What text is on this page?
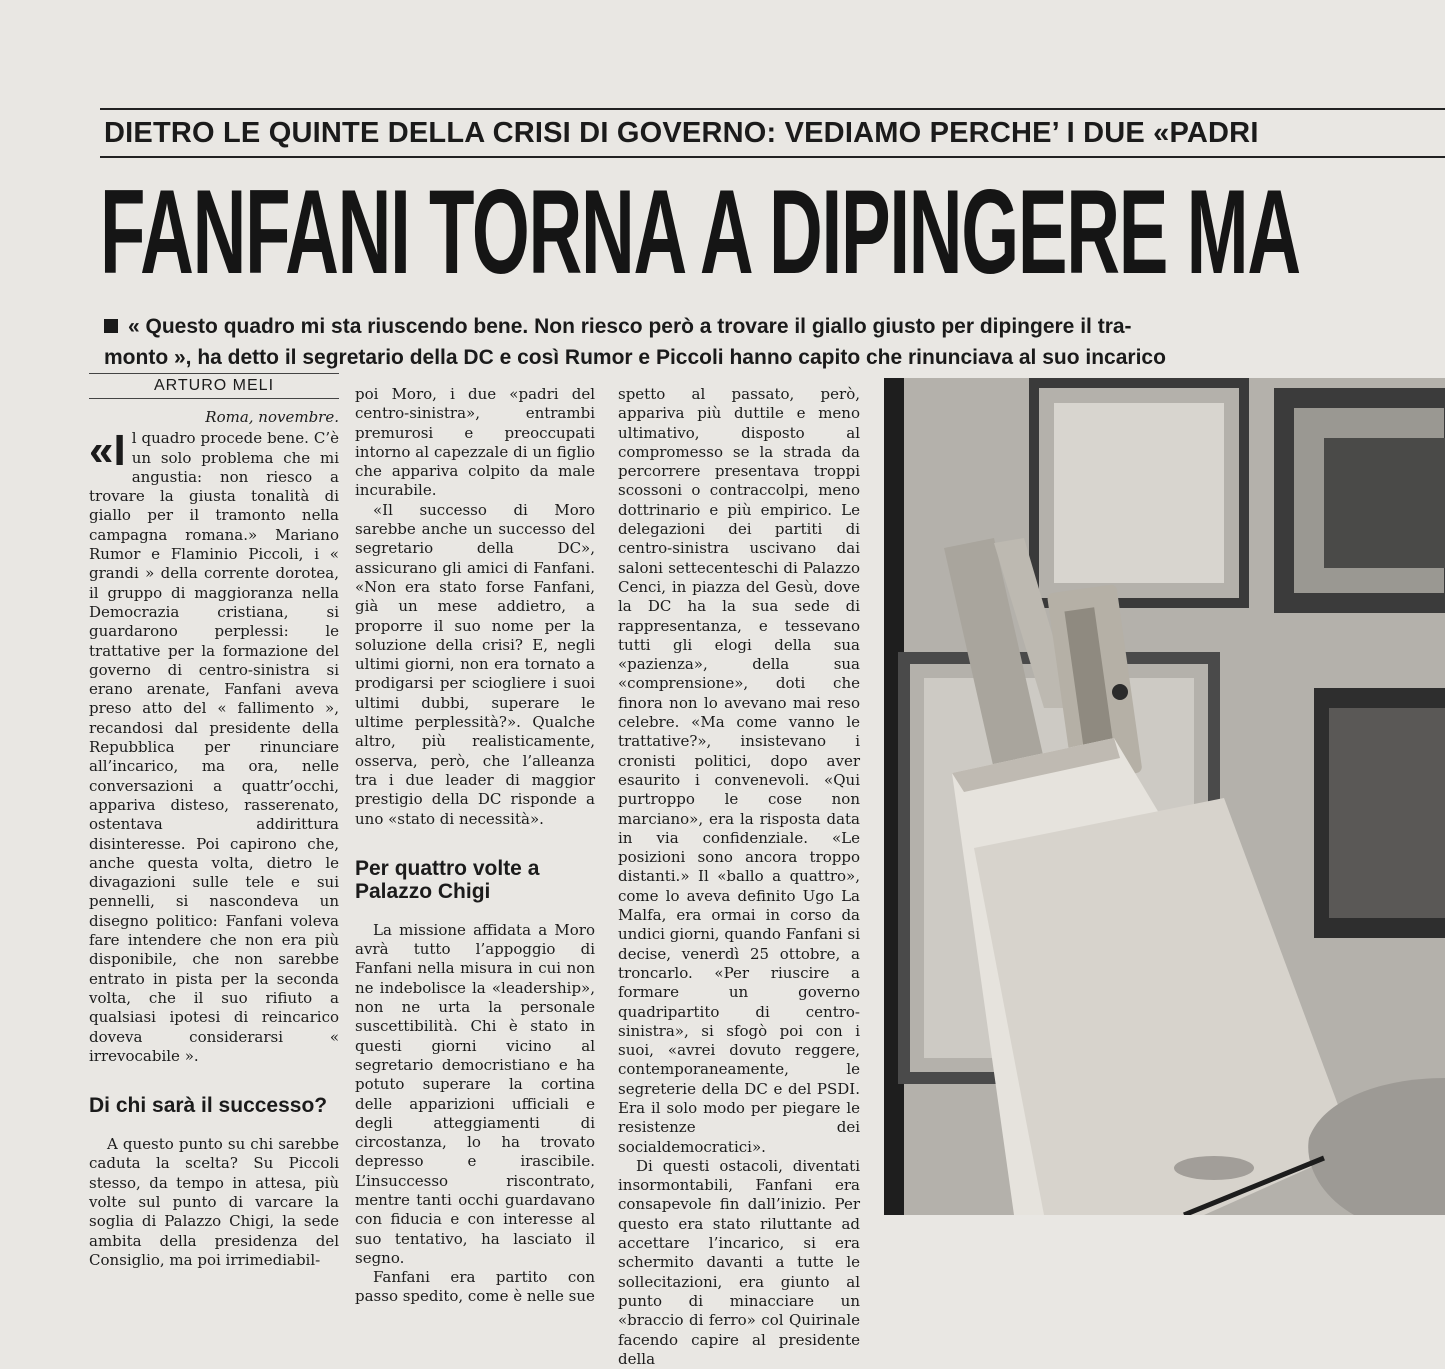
DIETRO LE QUINTE DELLA CRISI DI GOVERNO: VEDIAMO PERCHE’ I DUE «PADRI
FANFANI TORNA A DIPINGERE MA
« Questo quadro mi sta riuscendo bene. Non riesco però a trovare il giallo giusto per dipingere il tra-
monto », ha detto il segretario della DC e così Rumor e Piccoli hanno capito che rinunciava al suo incarico
ARTURO MELI
Roma, novembre.

«Il quadro procede bene. C’è un solo problema che mi angustia: non riesco a trovare la giusta tonalità di giallo per il tramonto nella campagna romana.» Mariano Rumor e Flaminio Piccoli, i « grandi » della corrente dorotea, il gruppo di maggioranza nella Democrazia cristiana, si guardarono perplessi: le trattative per la formazione del governo di centro-sinistra si erano arenate, Fanfani aveva preso atto del « fallimento », recandosi dal presidente della Repubblica per rinunciare all’incarico, ma ora, nelle conversazioni a quattr’occhi, appariva disteso, rasserenato, ostentava addirittura disinteresse. Poi capirono che, anche questa volta, dietro le divagazioni sulle tele e sui pennelli, si nascondeva un disegno politico: Fanfani voleva fare intendere che non era più disponibile, che non sarebbe entrato in pista per la seconda volta, che il suo rifiuto a qualsiasi ipotesi di reincarico doveva considerarsi « irrevocabile ».

Di chi sarà il successo?

A questo punto su chi sarebbe caduta la scelta? Su Piccoli stesso, da tempo in attesa, più volte sul punto di varcare la soglia di Palazzo Chigi, la sede ambita della presidenza del Consiglio, ma poi irrimediabil-

poi Moro, i due «padri del centro-sinistra», entrambi premurosi e preoccupati intorno al capezzale di un figlio che appariva colpito da male incurabile.

«Il successo di Moro sarebbe anche un successo del segretario della DC», assicurano gli amici di Fanfani. «Non era stato forse Fanfani, già un mese addietro, a proporre il suo nome per la soluzione della crisi? E, negli ultimi giorni, non era tornato a prodigarsi per sciogliere i suoi ultimi dubbi, superare le ultime perplessità?». Qualche altro, più realisticamente, osserva, però, che l’alleanza tra i due leader di maggior prestigio della DC risponde a uno «stato di necessità».

Per quattro volte a Palazzo Chigi

La missione affidata a Moro avrà tutto l’appoggio di Fanfani nella misura in cui non ne indebolisce la «leadership», non ne urta la personale suscettibilità. Chi è stato in questi giorni vicino al segretario democristiano e ha potuto superare la cortina delle apparizioni ufficiali e degli atteggiamenti di circostanza, lo ha trovato depresso e irascibile. L’insuccesso riscontrato, mentre tanti occhi guardavano con fiducia e con interesse al suo tentativo, ha lasciato il segno.

Fanfani era partito con passo spedito, come è nelle sue

spetto al passato, però, appariva più duttile e meno ultimativo, disposto al compromesso se la strada da percorrere presentava troppi scossoni o contraccolpi, meno dottrinario e più empirico. Le delegazioni dei partiti di centro-sinistra uscivano dai saloni settecenteschi di Palazzo Cenci, in piazza del Gesù, dove la DC ha la sua sede di rappresentanza, e tessevano tutti gli elogi della sua «pazienza», della sua «comprensione», doti che finora non lo avevano mai reso celebre. «Ma come vanno le trattative?», insistevano i cronisti politici, dopo aver esaurito i convenevoli. «Qui purtroppo le cose non marciano», era la risposta data in via confidenziale. «Le posizioni sono ancora troppo distanti.» Il «ballo a quattro», come lo aveva definito Ugo La Malfa, era ormai in corso da undici giorni, quando Fanfani si decise, venerdì 25 ottobre, a troncarlo. «Per riuscire a formare un governo quadripartito di centro-sinistra», si sfogò poi con i suoi, «avrei dovuto reggere, contemporaneamente, le segreterie della DC e del PSDI. Era il solo modo per piegare le resistenze dei socialdemocratici».

Di questi ostacoli, diventati insormontabili, Fanfani era consapevole fin dall’inizio. Per questo era stato riluttante ad accettare l’incarico, si era schermito davanti a tutte le sollecitazioni, era giunto al punto di minacciare un «braccio di ferro» col Quirinale facendo capire al presidente della
